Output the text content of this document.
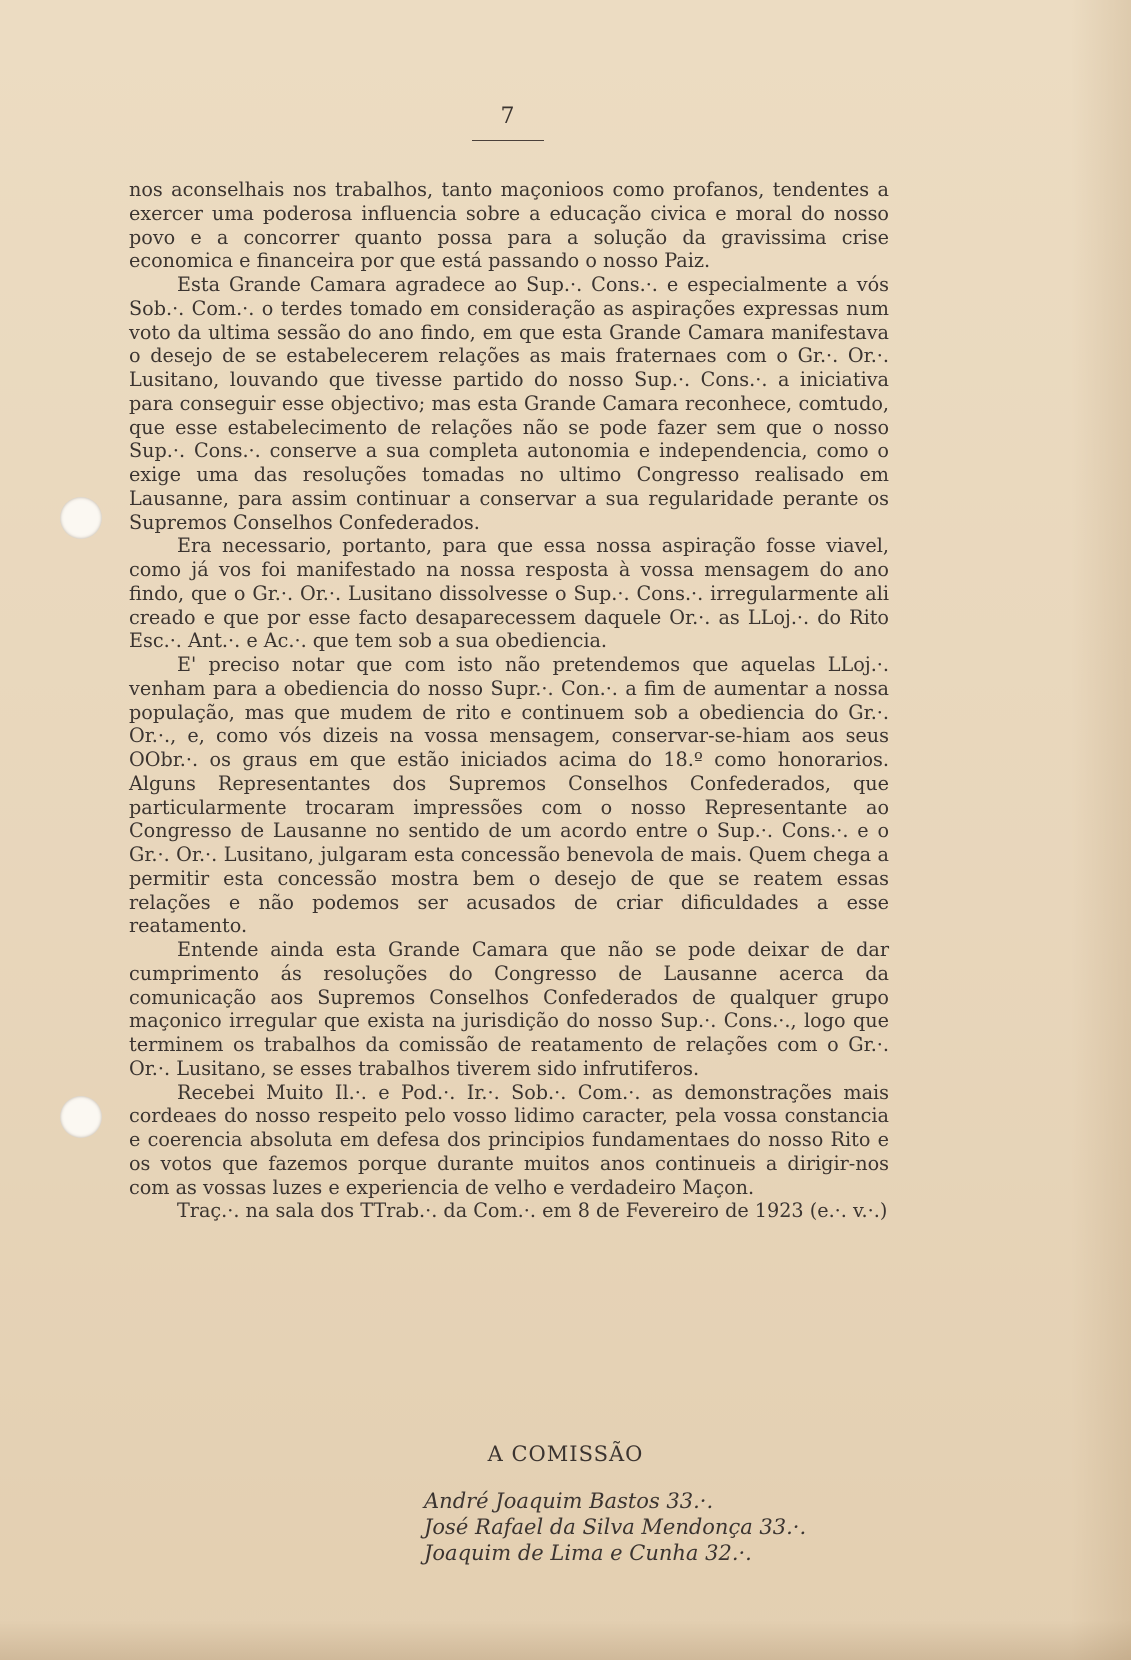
7

nos aconselhais nos trabalhos, tanto maçonioos como profanos, tendentes a exercer uma poderosa influencia sobre a educação civica e moral do nosso povo e a concorrer quanto possa para a solução da gravissima crise economica e financeira por que está passando o nosso Paiz.

Esta Grande Camara agradece ao Sup.·. Cons.·. e especialmente a vós Sob.·. Com.·. o terdes tomado em consideração as aspirações expressas num voto da ultima sessão do ano findo, em que esta Grande Camara manifestava o desejo de se estabelecerem relações as mais fraternaes com o Gr.·. Or.·. Lusitano, louvando que tivesse partido do nosso Sup.·. Cons.·. a iniciativa para conseguir esse objectivo; mas esta Grande Camara reconhece, comtudo, que esse estabelecimento de relações não se pode fazer sem que o nosso Sup.·. Cons.·. conserve a sua completa autonomia e independencia, como o exige uma das resoluções tomadas no ultimo Congresso realisado em Lausanne, para assim continuar a conservar a sua regularidade perante os Supremos Conselhos Confederados.

Era necessario, portanto, para que essa nossa aspiração fosse viavel, como já vos foi manifestado na nossa resposta à vossa mensagem do ano findo, que o Gr.·. Or.·. Lusitano dissolvesse o Sup.·. Cons.·. irregularmente ali creado e que por esse facto desaparecessem daquele Or.·. as LLoj.·. do Rito Esc.·. Ant.·. e Ac.·. que tem sob a sua obediencia.

E' preciso notar que com isto não pretendemos que aquelas LLoj.·. venham para a obediencia do nosso Supr.·. Con.·. a fim de aumentar a nossa população, mas que mudem de rito e continuem sob a obediencia do Gr.·. Or.·., e, como vós dizeis na vossa mensagem, conservar-se-hiam aos seus OObr.·. os graus em que estão iniciados acima do 18.º como honorarios. Alguns Representantes dos Supremos Conselhos Confederados, que particularmente trocaram impressões com o nosso Representante ao Congresso de Lausanne no sentido de um acordo entre o Sup.·. Cons.·. e o Gr.·. Or.·. Lusitano, julgaram esta concessão benevola de mais. Quem chega a permitir esta concessão mostra bem o desejo de que se reatem essas relações e não podemos ser acusados de criar dificuldades a esse reatamento.

Entende ainda esta Grande Camara que não se pode deixar de dar cumprimento ás resoluções do Congresso de Lausanne acerca da comunicação aos Supremos Conselhos Confederados de qualquer grupo maçonico irregular que exista na jurisdição do nosso Sup.·. Cons.·., logo que terminem os trabalhos da comissão de reatamento de relações com o Gr.·. Or.·. Lusitano, se esses trabalhos tiverem sido infrutiferos.

Recebei Muito Il.·. e Pod.·. Ir.·. Sob.·. Com.·. as demonstrações mais cordeaes do nosso respeito pelo vosso lidimo caracter, pela vossa constancia e coerencia absoluta em defesa dos principios fundamentaes do nosso Rito e os votos que fazemos porque durante muitos anos continueis a dirigir-nos com as vossas luzes e experiencia de velho e verdadeiro Maçon.

Traç.·. na sala dos TTrab.·. da Com.·. em 8 de Fevereiro de 1923 (e.·. v.·.)

A COMISSÃO
André Joaquim Bastos 33.·.
José Rafael da Silva Mendonça 33.·.
Joaquim de Lima e Cunha 32.·.
